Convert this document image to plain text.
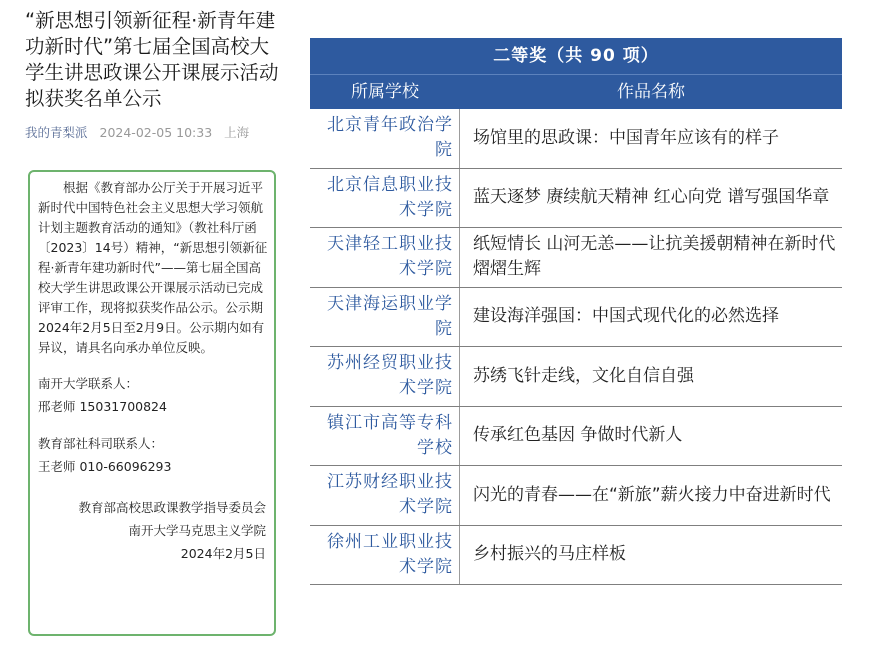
“新思想引领新征程·新青年建功新时代”第七届全国高校大学生讲思政课公开课展示活动拟获奖名单公示
我的青梨派 2024-02-05 10:33 上海

根据《教育部办公厅关于开展习近平新时代中国特色社会主义思想大学习领航计划主题教育活动的通知》（教社科厅函〔2023〕14号）精神，“新思想引领新征程·新青年建功新时代”——第七届全国高校大学生讲思政课公开课展示活动已完成评审工作，现将拟获奖作品公示。公示期2024年2月5日至2月9日。公示期内如有异议，请具名向承办单位反映。

南开大学联系人：
邢老师 15031700824
教育部社科司联系人：
王老师 010-66096293
教育部高校思政课教学指导委员会
南开大学马克思主义学院
2024年2月5日
二等奖（共 90 项）
所属学校	作品名称
北京青年政治学院
场馆里的思政课：中国青年应该有的样子
北京信息职业技术学院
蓝天逐梦 赓续航天精神 红心向党 谱写强国华章
天津轻工职业技术学院
纸短情长 山河无恙——让抗美援朝精神在新时代熠熠生辉
天津海运职业学院
建设海洋强国：中国式现代化的必然选择
苏州经贸职业技术学院
苏绣飞针走线，文化自信自强
镇江市高等专科学校
传承红色基因 争做时代新人
江苏财经职业技术学院
闪光的青春——在“新旅”薪火接力中奋进新时代
徐州工业职业技术学院
乡村振兴的马庄样板
